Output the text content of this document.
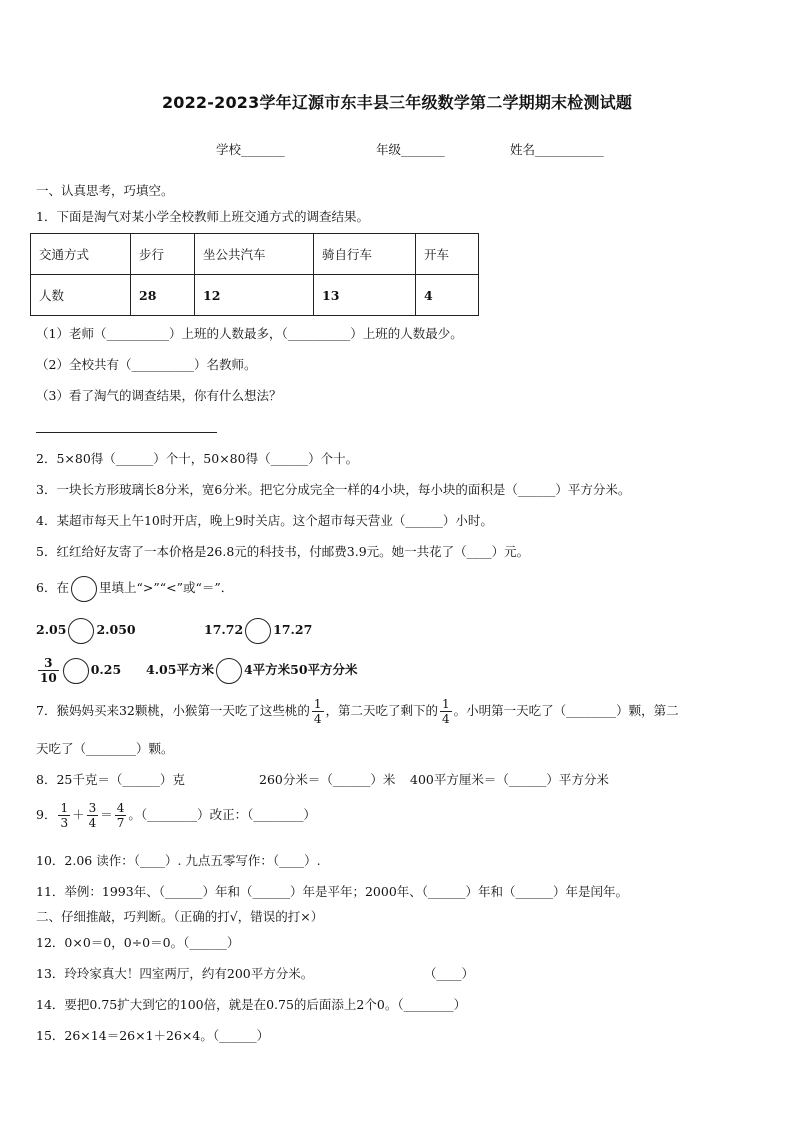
2022-2023学年辽源市东丰县三年级数学第二学期期末检测试题
学校_______	年级_______	姓名___________
一、认真思考，巧填空。
1．下面是淘气对某小学全校教师上班交通方式的调查结果。
交通方式	步行	坐公共汽车	骑自行车	开车
人数	28	12	13	4
（1）老师（__________）上班的人数最多，（__________）上班的人数最少。
（2）全校共有（__________）名教师。
（3）看了淘气的调查结果，你有什么想法？
2．5×80得（______）个十，50×80得（______）个十。
3．一块长方形玻璃长8分米，宽6分米。把它分成完全一样的4小块，每小块的面积是（______）平方分米。
4．某超市每天上午10时开店，晚上9时关店。这个超市每天营业（______）小时。
5．红红给好友寄了一本价格是26.8元的科技书，付邮费3.9元。她一共花了（____）元。
6．在 里填上“>”“<”或“＝”．
2.05 2.050	17.72 17.27
$\frac{3}{10}$	0.25 4.05平方米 4平方米50平方分米
7．猴妈妈买来32颗桃，小猴第一天吃了这些桃的 $\frac{1}{4}$ ，第二天吃了剩下的 $\frac{1}{4}$ 。小明第一天吃了（________）颗，第二
天吃了（________）颗。
8．25千克＝（______）克	260分米＝（______）米 400平方厘米＝（______）平方分米
9． $\frac{1}{3} + \frac{3}{4} = \frac{4}{7}$ 。（________）改正：（________）
10．2.06 读作：（____）. 九点五零写作：（____）.
11．举例：1993年、（______）年和（______）年是平年；2000年、（______）年和（______）年是闰年。
二、仔细推敲，巧判断。（正确的打√，错误的打×）
12．0×0＝0，0÷0＝0。（______）
13．玲玲家真大！四室两厅，约有200平方分米。	（____）
14．要把0.75扩大到它的100倍，就是在0.75的后面添上2个0。（________）
15．26×14＝26×1＋26×4。（______）
